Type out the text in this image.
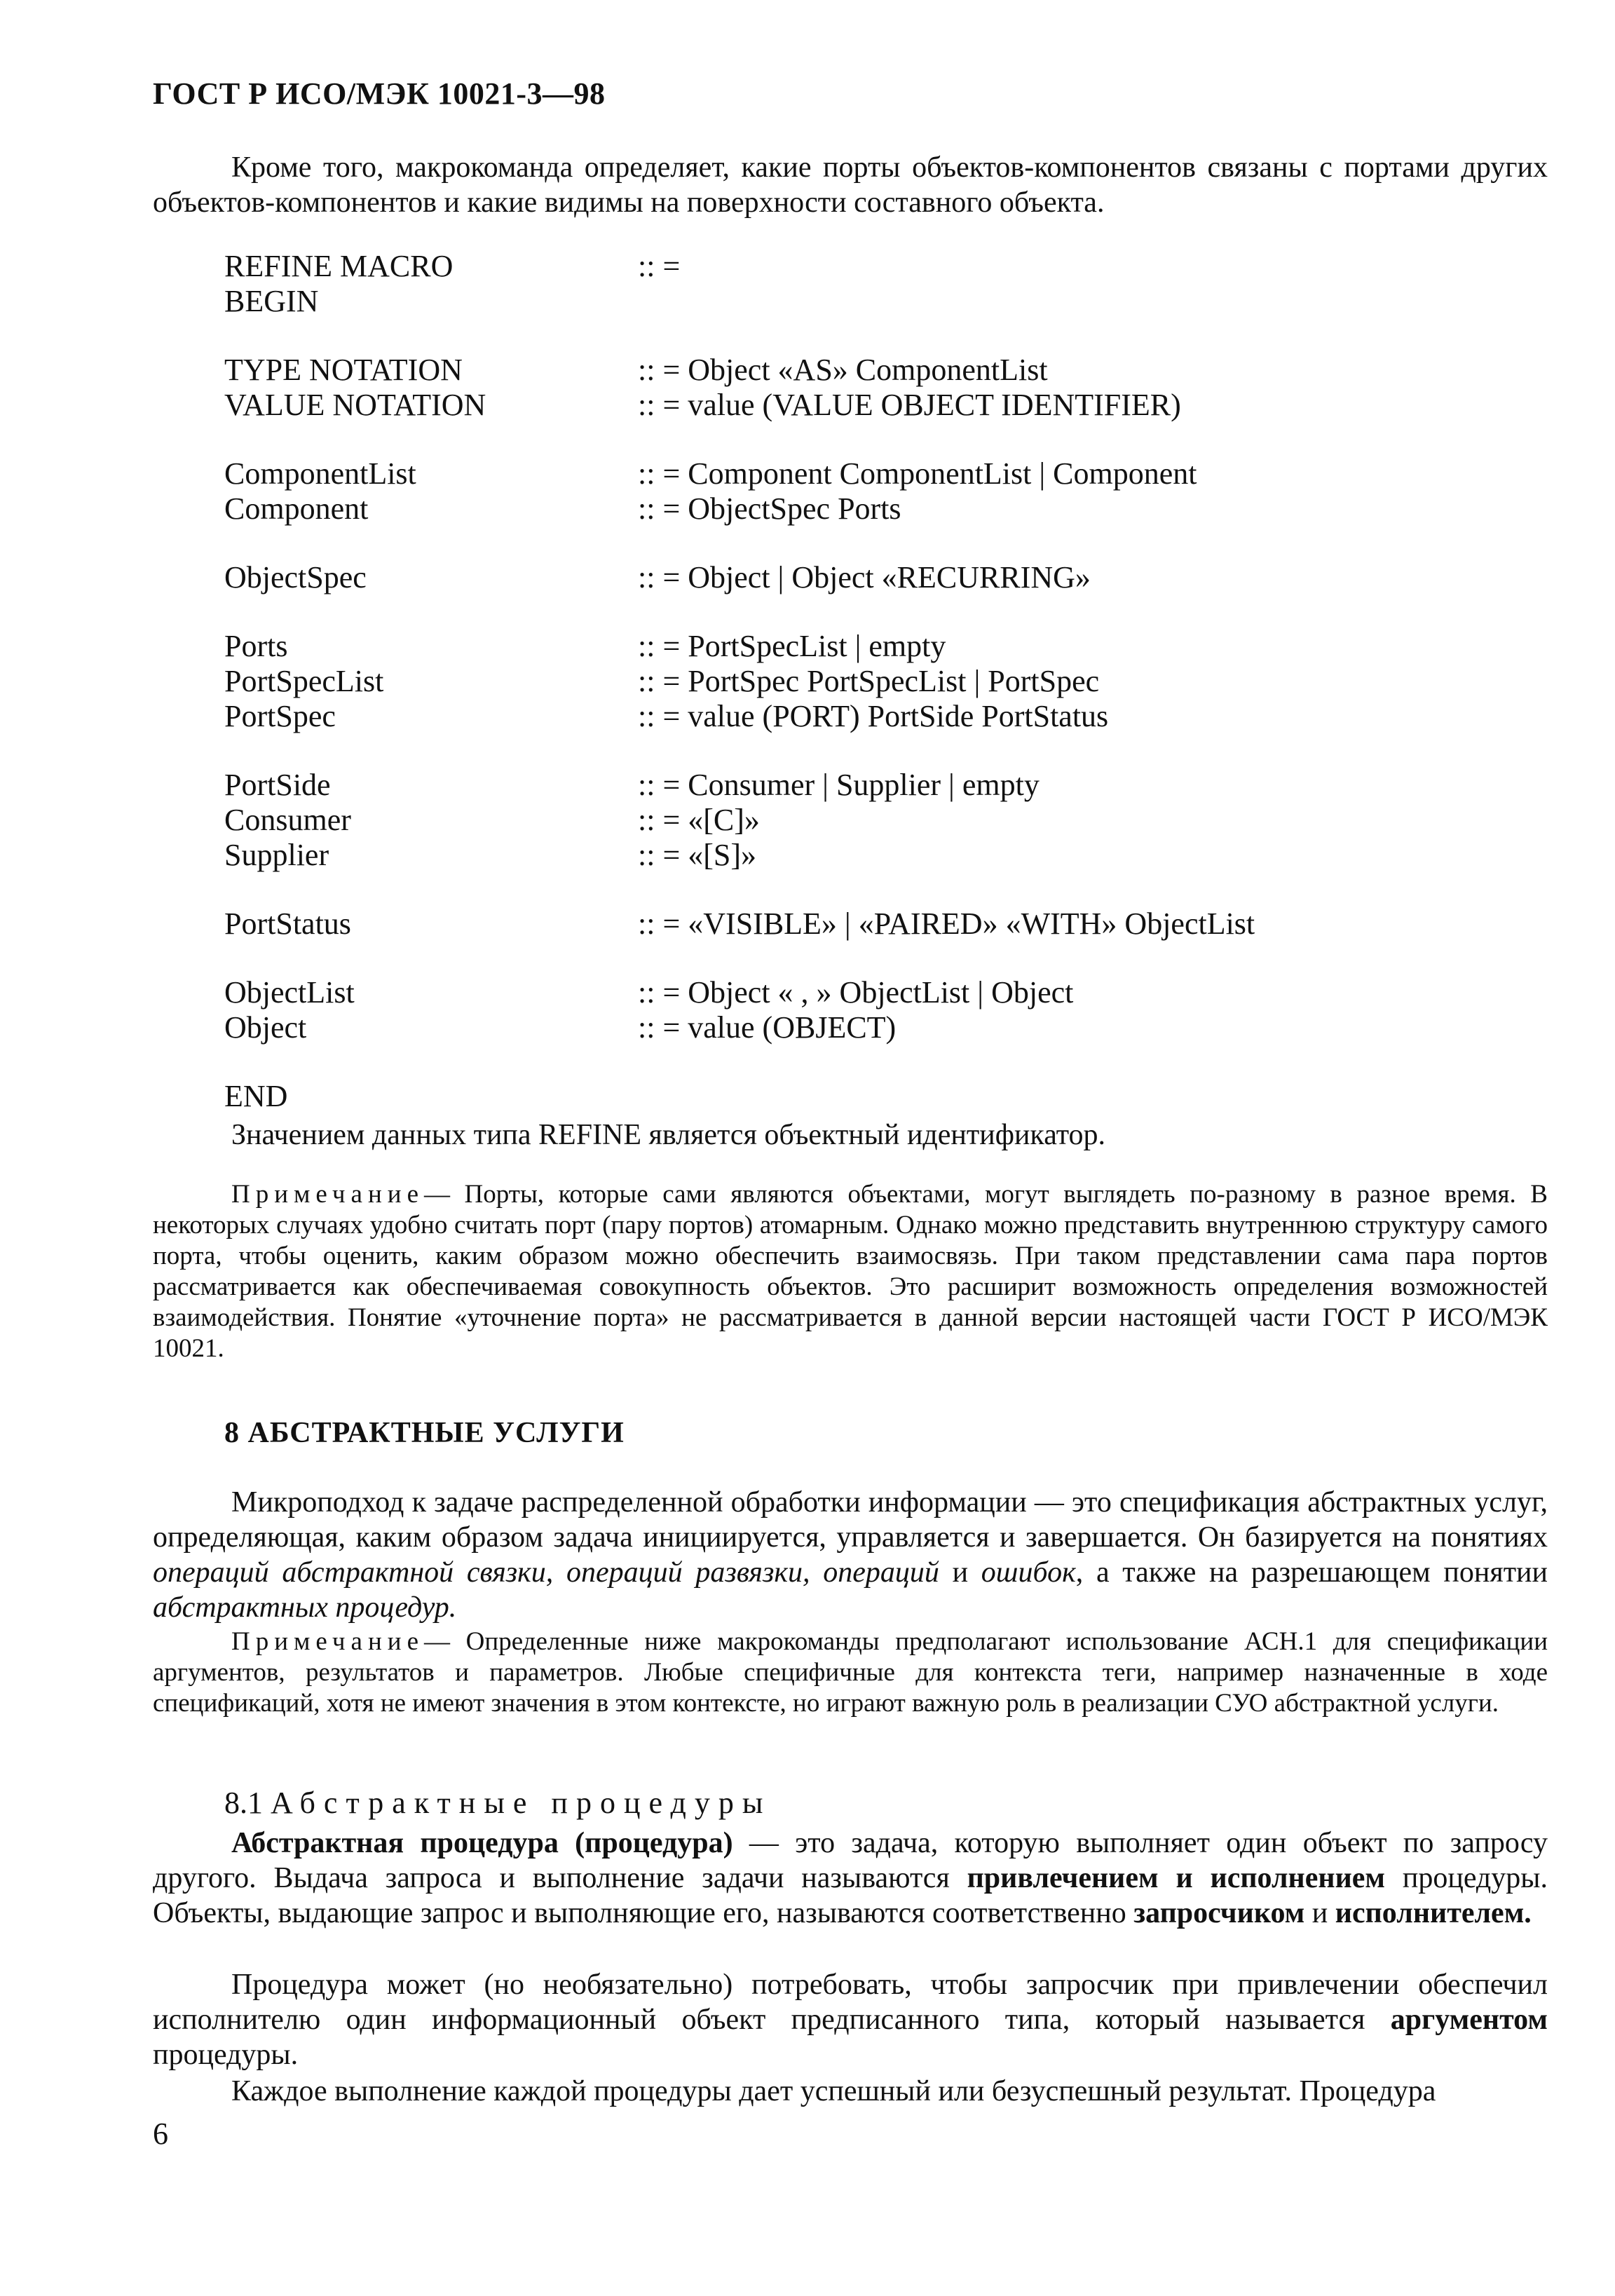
ГОСТ Р ИСО/МЭК 10021-3—98
Кроме того, макрокоманда определяет, какие порты объектов-компонентов связаны с портами других объектов-компонентов и какие видимы на поверхности составного объекта.
REFINE MACRO	:: =
BEGIN
TYPE NOTATION	:: = Object «AS» ComponentList
VALUE NOTATION	:: = value (VALUE OBJECT IDENTIFIER)
ComponentList	:: = Component ComponentList | Component
Component	:: = ObjectSpec Ports
ObjectSpec	:: = Object | Object «RECURRING»
Ports	:: = PortSpecList | empty
PortSpecList	:: = PortSpec PortSpecList | PortSpec
PortSpec	:: = value (PORT) PortSide PortStatus
PortSide	:: = Consumer | Supplier | empty
Consumer	:: = «[C]»
Supplier	:: = «[S]»
PortStatus	:: = «VISIBLE» | «PAIRED» «WITH» ObjectList
ObjectList	:: = Object « , » ObjectList | Object
Object	:: = value (OBJECT)
END
Значением данных типа REFINE является объектный идентификатор.
Примечание— Порты, которые сами являются объектами, могут выглядеть по-разному в разное время. В некоторых случаях удобно считать порт (пару портов) атомарным. Однако можно представить внутреннюю структуру самого порта, чтобы оценить, каким образом можно обеспечить взаимосвязь. При таком представлении сама пара портов рассматривается как обеспечиваемая совокупность объектов. Это расширит возможность определения возможностей взаимодействия. Понятие «уточнение порта» не рассматривается в данной версии настоящей части ГОСТ Р ИСО/МЭК 10021.
8 АБСТРАКТНЫЕ УСЛУГИ
Микроподход к задаче распределенной обработки информации — это спецификация абстрактных услуг, определяющая, каким образом задача инициируется, управляется и завершается. Он базируется на понятиях операций абстрактной связки, операций развязки, операций и ошибок, а также на разрешающем понятии абстрактных процедур.
Примечание— Определенные ниже макрокоманды предполагают использование АСН.1 для спецификации аргументов, результатов и параметров. Любые специфичные для контекста теги, например назначенные в ходе спецификаций, хотя не имеют значения в этом контексте, но играют важную роль в реализации СУО абстрактной услуги.
8.1 Абстрактные процедуры
Абстрактная процедура (процедура) — это задача, которую выполняет один объект по запросу другого. Выдача запроса и выполнение задачи называются привлечением и исполнением процедуры. Объекты, выдающие запрос и выполняющие его, называются соответственно запросчиком и исполнителем.
Процедура может (но необязательно) потребовать, чтобы запросчик при привлечении обеспечил исполнителю один информационный объект предписанного типа, который называется аргументом процедуры.
Каждое выполнение каждой процедуры дает успешный или безуспешный результат. Процедура
6
